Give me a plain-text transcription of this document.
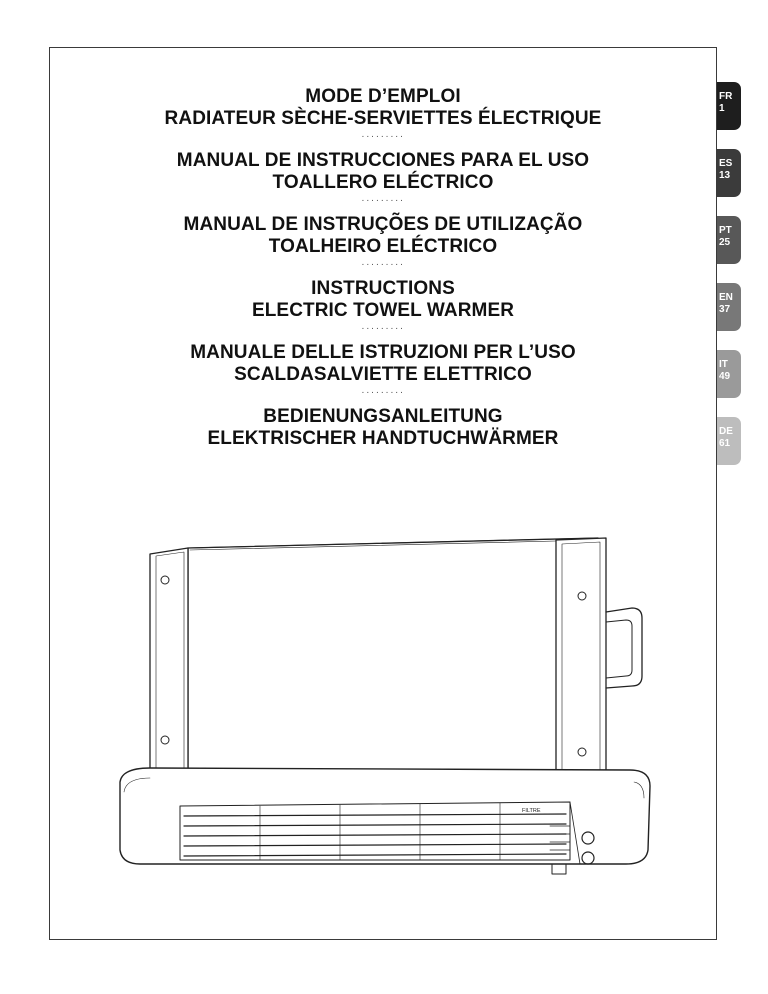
MODE D’EMPLOI
RADIATEUR SÈCHE-SERVIETTES ÉLECTRIQUE
·········
MANUAL DE INSTRUCCIONES PARA EL USO
TOALLERO ELÉCTRICO
·········
MANUAL DE INSTRUÇÕES DE UTILIZAÇÃO
TOALHEIRO ELÉCTRICO
·········
INSTRUCTIONS
ELECTRIC TOWEL WARMER
·········
MANUALE DELLE ISTRUZIONI PER L’USO
SCALDASALVIETTE ELETTRICO
·········
BEDIENUNGSANLEITUNG
ELEKTRISCHER HANDTUCHWÄRMER
FR
1
ES
13
PT
25
EN
37
IT
49
DE
61
FILTRE
